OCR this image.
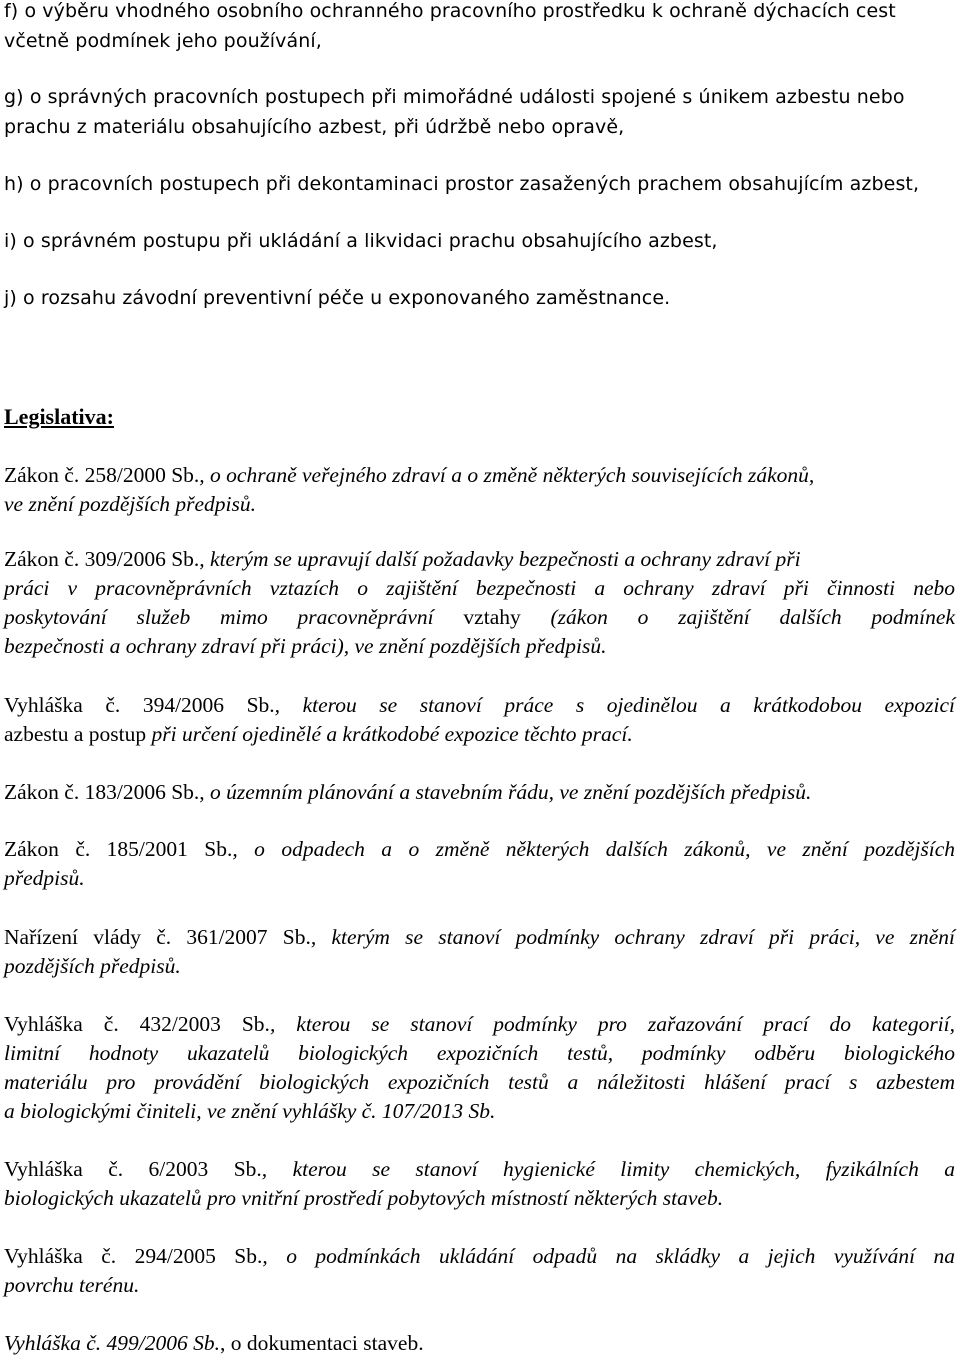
f) o výběru vhodného osobního ochranného pracovního prostředku k ochraně dýchacích cest
včetně podmínek jeho používání,
g) o správných pracovních postupech při mimořádné události spojené s únikem azbestu nebo
prachu z materiálu obsahujícího azbest, při údržbě nebo opravě,
h) o pracovních postupech při dekontaminaci prostor zasažených prachem obsahujícím azbest,
i) o správném postupu při ukládání a likvidaci prachu obsahujícího azbest,
j) o rozsahu závodní preventivní péče u exponovaného zaměstnance.
Legislativa:
Zákon č. 258/2000 Sb., o ochraně veřejného zdraví a o změně některých souvisejících zákonů,
ve znění pozdějších předpisů.
Zákon č. 309/2006 Sb., kterým se upravují další požadavky bezpečnosti a ochrany zdraví při
práci v pracovněprávních vztazích o zajištění bezpečnosti a ochrany zdraví při činnosti nebo
poskytování služeb mimo pracovněprávní vztahy (zákon o zajištění dalších podmínek
bezpečnosti a ochrany zdraví při práci), ve znění pozdějších předpisů.
Vyhláška č. 394/2006 Sb., kterou se stanoví práce s ojedinělou a krátkodobou expozicí
azbestu a postup při určení ojedinělé a krátkodobé expozice těchto prací.
Zákon č. 183/2006 Sb., o územním plánování a stavebním řádu, ve znění pozdějších předpisů.
Zákon č. 185/2001 Sb., o odpadech a o změně některých dalších zákonů, ve znění pozdějších
předpisů.
Nařízení vlády č. 361/2007 Sb., kterým se stanoví podmínky ochrany zdraví při práci, ve znění
pozdějších předpisů.
Vyhláška č. 432/2003 Sb., kterou se stanoví podmínky pro zařazování prací do kategorií,
limitní hodnoty ukazatelů biologických expozičních testů, podmínky odběru biologického
materiálu pro provádění biologických expozičních testů a náležitosti hlášení prací s azbestem
a biologickými činiteli, ve znění vyhlášky č. 107/2013 Sb.
Vyhláška č. 6/2003 Sb., kterou se stanoví hygienické limity chemických, fyzikálních a
biologických ukazatelů pro vnitřní prostředí pobytových místností některých staveb.
Vyhláška č. 294/2005 Sb., o podmínkách ukládání odpadů na skládky a jejich využívání na
povrchu terénu.
Vyhláška č. 499/2006 Sb., o dokumentaci staveb.
